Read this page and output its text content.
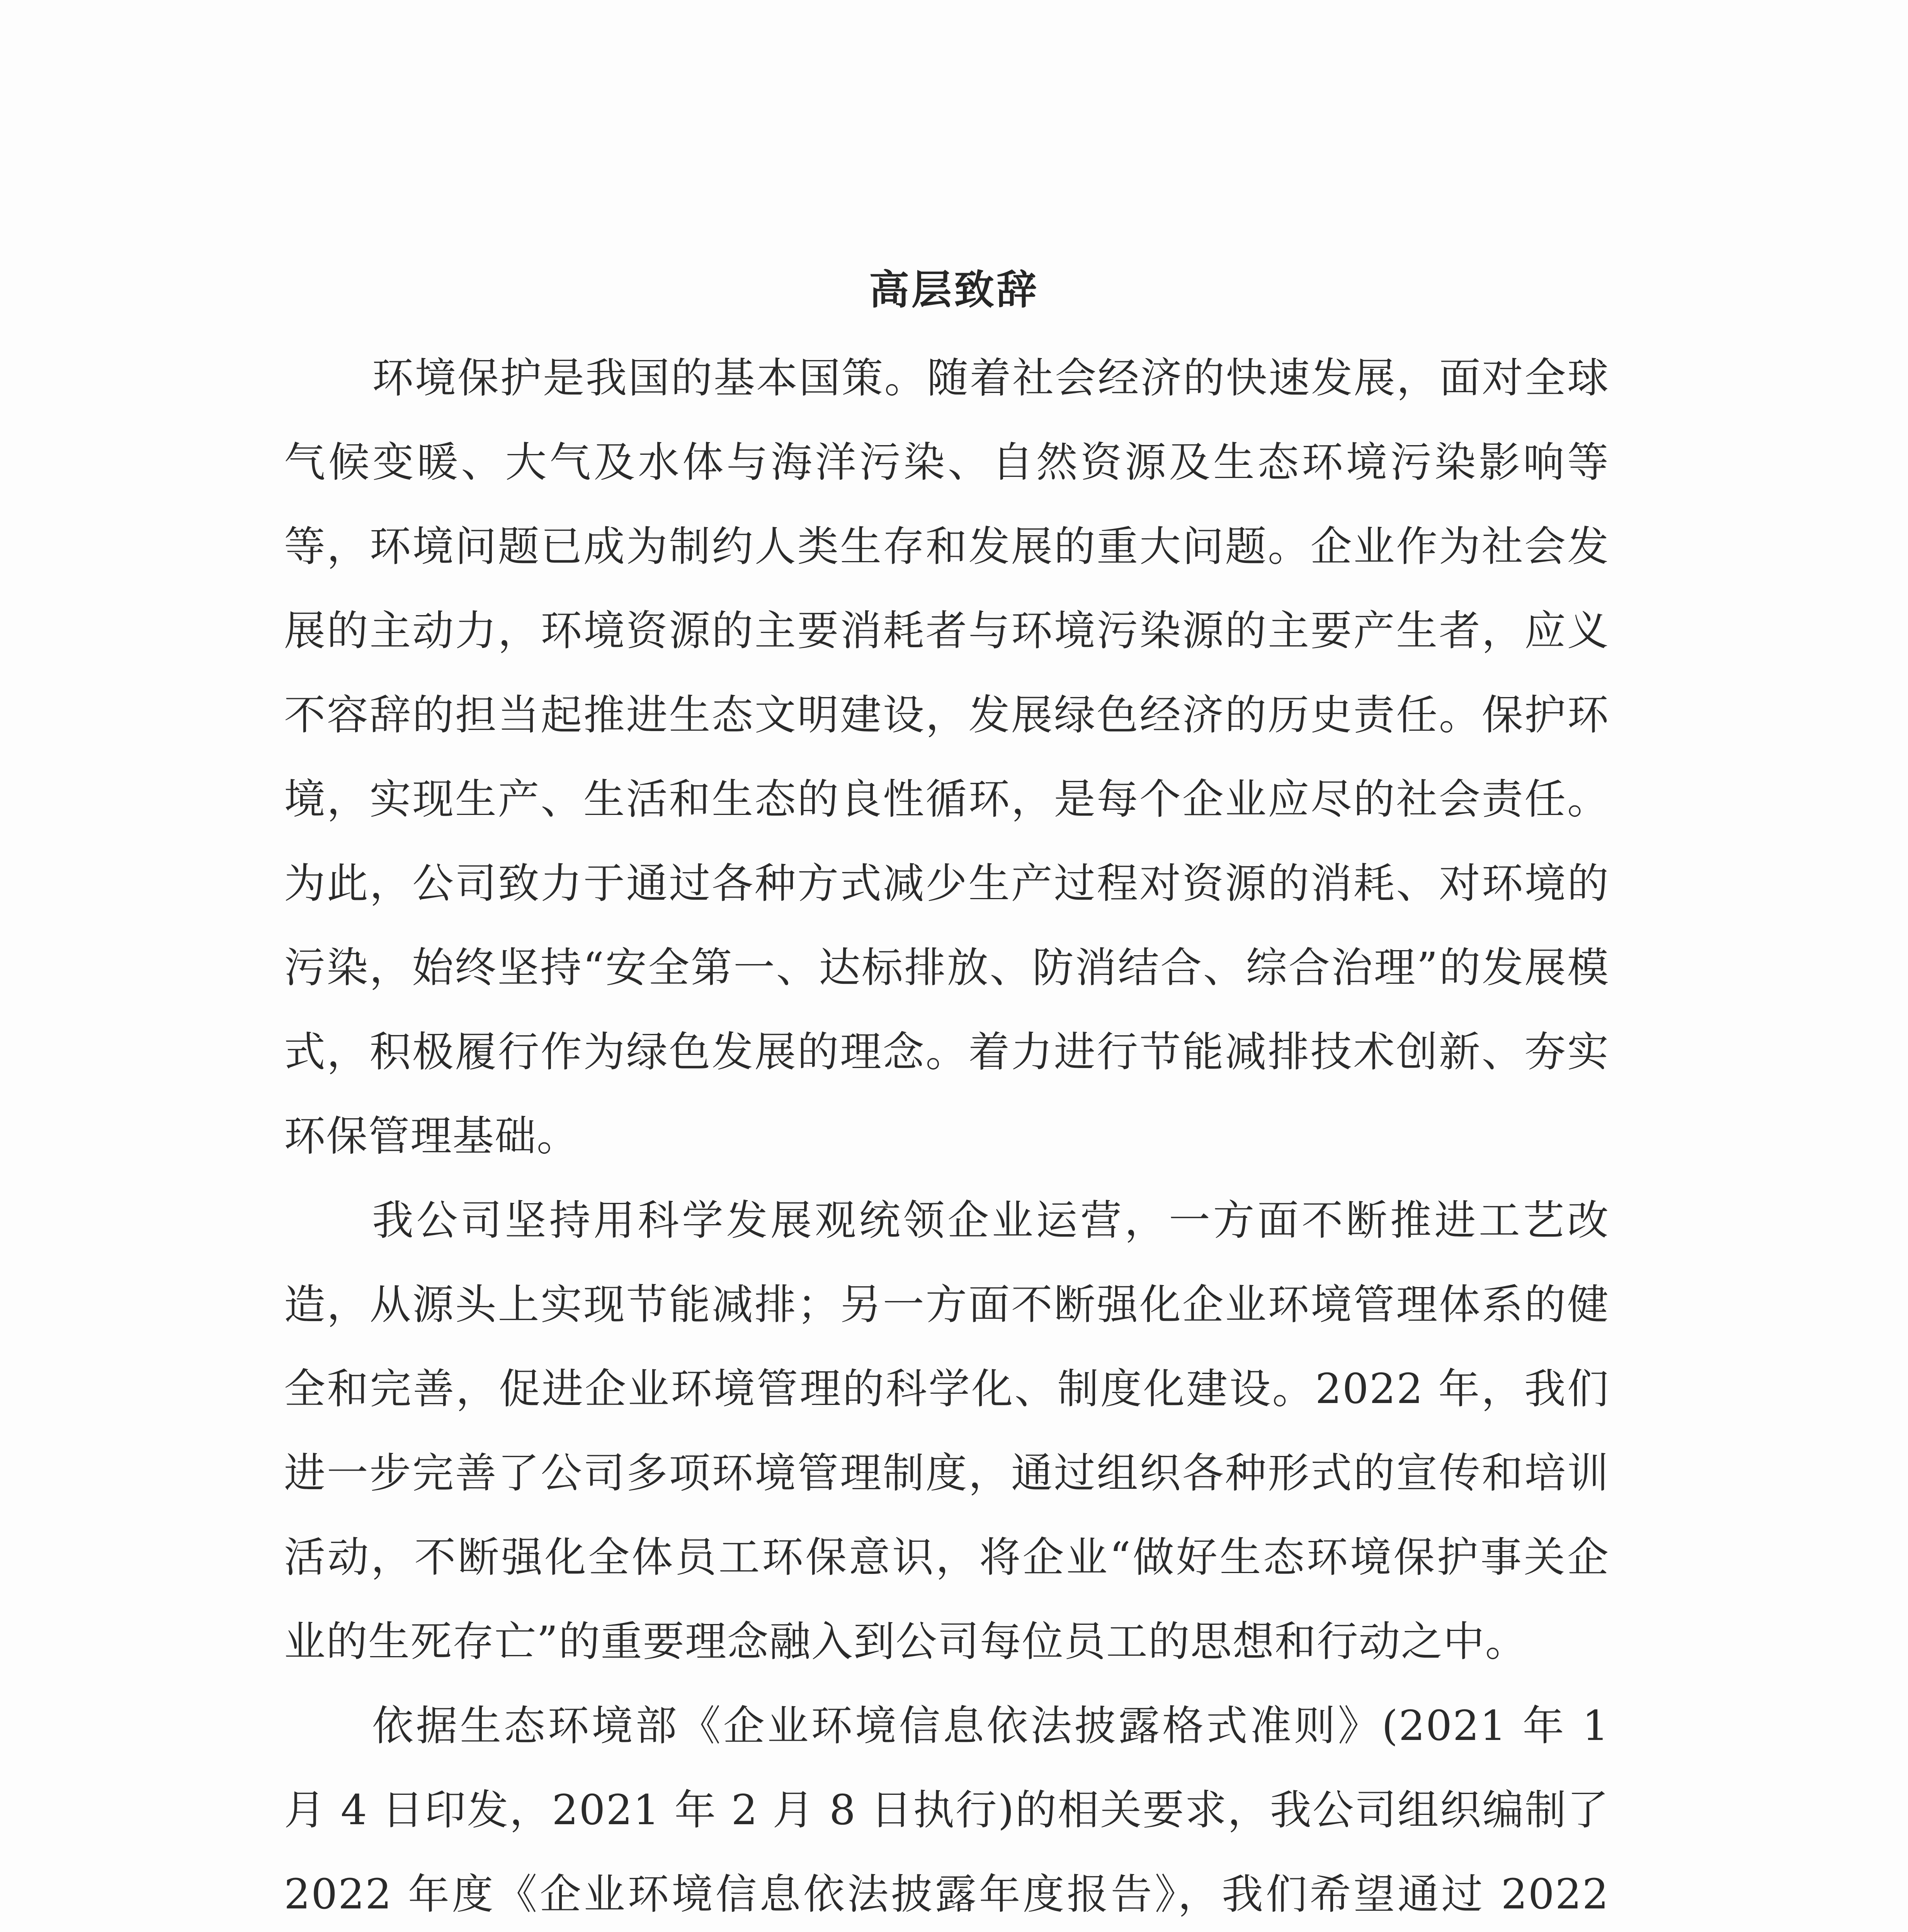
高层致辞

环境保护是我国的基本国策。随着社会经济的快速发展，面对全球气候变暖、大气及水体与海洋污染、自然资源及生态环境污染影响等等，环境问题已成为制约人类生存和发展的重大问题。企业作为社会发展的主动力，环境资源的主要消耗者与环境污染源的主要产生者，应义不容辞的担当起推进生态文明建设，发展绿色经济的历史责任。保护环境，实现生产、生活和生态的良性循环，是每个企业应尽的社会责任。为此，公司致力于通过各种方式减少生产过程对资源的消耗、对环境的污染，始终坚持“安全第一、达标排放、防消结合、综合治理”的发展模式，积极履行作为绿色发展的理念。着力进行节能减排技术创新、夯实环保管理基础。

我公司坚持用科学发展观统领企业运营，一方面不断推进工艺改造，从源头上实现节能减排；另一方面不断强化企业环境管理体系的健全和完善，促进企业环境管理的科学化、制度化建设。2022 年，我们进一步完善了公司多项环境管理制度，通过组织各种形式的宣传和培训活动，不断强化全体员工环保意识，将企业“做好生态环境保护事关企业的生死存亡”的重要理念融入到公司每位员工的思想和行动之中。

依据生态环境部《企业环境信息依法披露格式准则》(2021 年 1 月 4 日印发，2021 年 2 月 8 日执行)的相关要求，我公司组织编制了 2022 年度《企业环境信息依法披露年度报告》，我们希望通过 2022
